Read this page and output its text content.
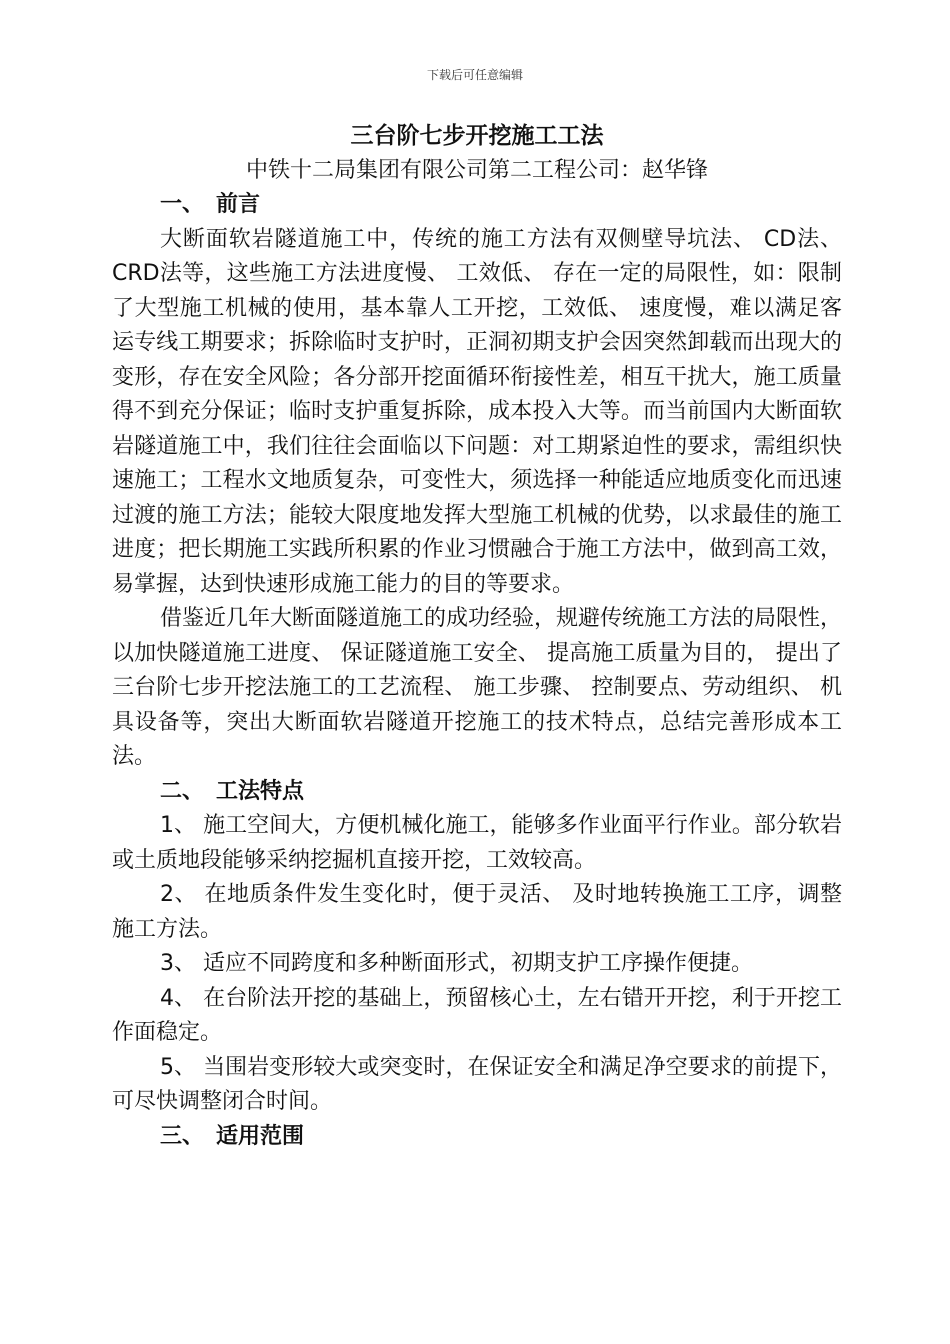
下载后可任意编辑
三台阶七步开挖施工工法
中铁十二局集团有限公司第二工程公司：赵华锋
一、 前言

大断面软岩隧道施工中，传统的施工方法有双侧壁导坑法、 CD法、 CRD法等，这些施工方法进度慢、 工效低、 存在一定的局限性，如：限制了大型施工机械的使用，基本靠人工开挖，工效低、 速度慢，难以满足客运专线工期要求；拆除临时支护时，正洞初期支护会因突然卸载而出现大的变形，存在安全风险；各分部开挖面循环衔接性差，相互干扰大，施工质量得不到充分保证；临时支护重复拆除，成本投入大等。而当前国内大断面软岩隧道施工中，我们往往会面临以下问题：对工期紧迫性的要求，需组织快速施工；工程水文地质复杂，可变性大，须选择一种能适应地质变化而迅速过渡的施工方法；能较大限度地发挥大型施工机械的优势，以求最佳的施工进度；把长期施工实践所积累的作业习惯融合于施工方法中，做到高工效，易掌握，达到快速形成施工能力的目的等要求。

借鉴近几年大断面隧道施工的成功经验，规避传统施工方法的局限性，以加快隧道施工进度、 保证隧道施工安全、 提高施工质量为目的， 提出了三台阶七步开挖法施工的工艺流程、 施工步骤、 控制要点、劳动组织、 机具设备等，突出大断面软岩隧道开挖施工的技术特点，总结完善形成本工法。

二、 工法特点

1、 施工空间大，方便机械化施工，能够多作业面平行作业。部分软岩或土质地段能够采纳挖掘机直接开挖，工效较高。

2、 在地质条件发生变化时，便于灵活、 及时地转换施工工序，调整施工方法。

3、 适应不同跨度和多种断面形式，初期支护工序操作便捷。

4、 在台阶法开挖的基础上，预留核心土，左右错开开挖，利于开挖工作面稳定。

5、 当围岩变形较大或突变时，在保证安全和满足净空要求的前提下，可尽快调整闭合时间。

三、 适用范围
